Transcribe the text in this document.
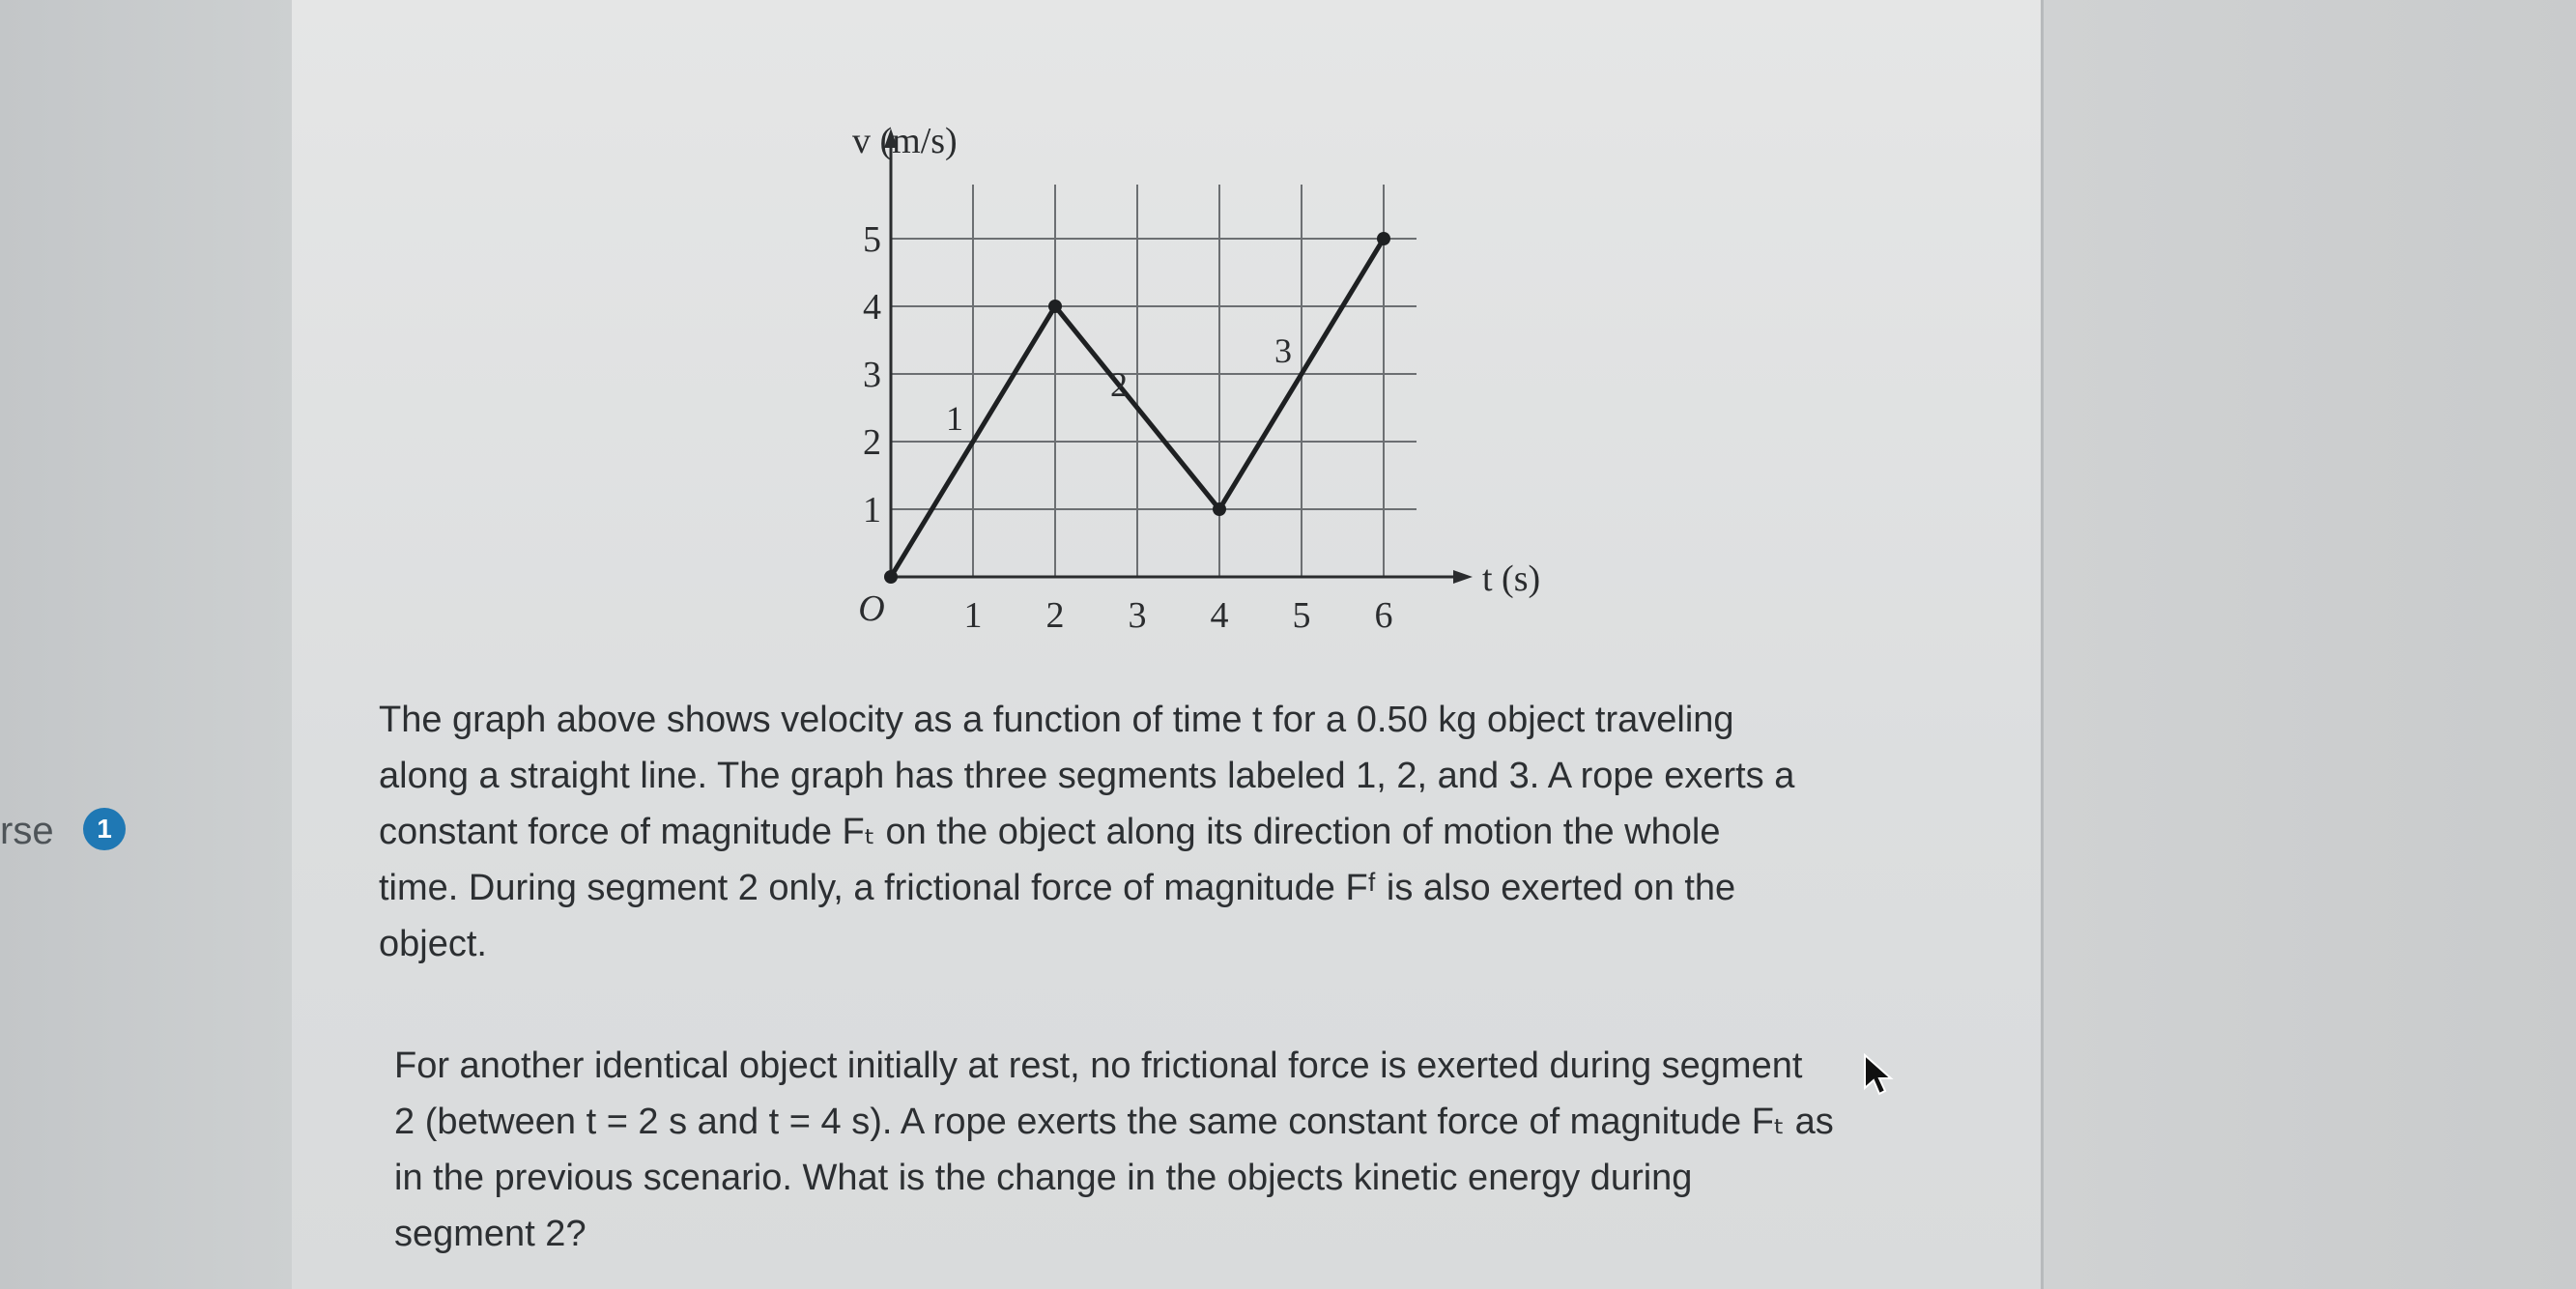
rse	1
1 2 3 4 5 6
1
2
3
4
5
O
v (m/s)
t (s)
1
2
3
The graph above shows velocity as a function of time t for a 0.50 kg object traveling
along a straight line. The graph has three segments labeled 1, 2, and 3. A rope exerts a
constant force of magnitude Fₜ on the object along its direction of motion the whole
time. During segment 2 only, a frictional force of magnitude Fᶠ is also exerted on the
object.
For another identical object initially at rest, no frictional force is exerted during segment
2 (between t = 2 s and t = 4 s). A rope exerts the same constant force of magnitude Fₜ as
in the previous scenario. What is the change in the objects kinetic energy during
segment 2?
